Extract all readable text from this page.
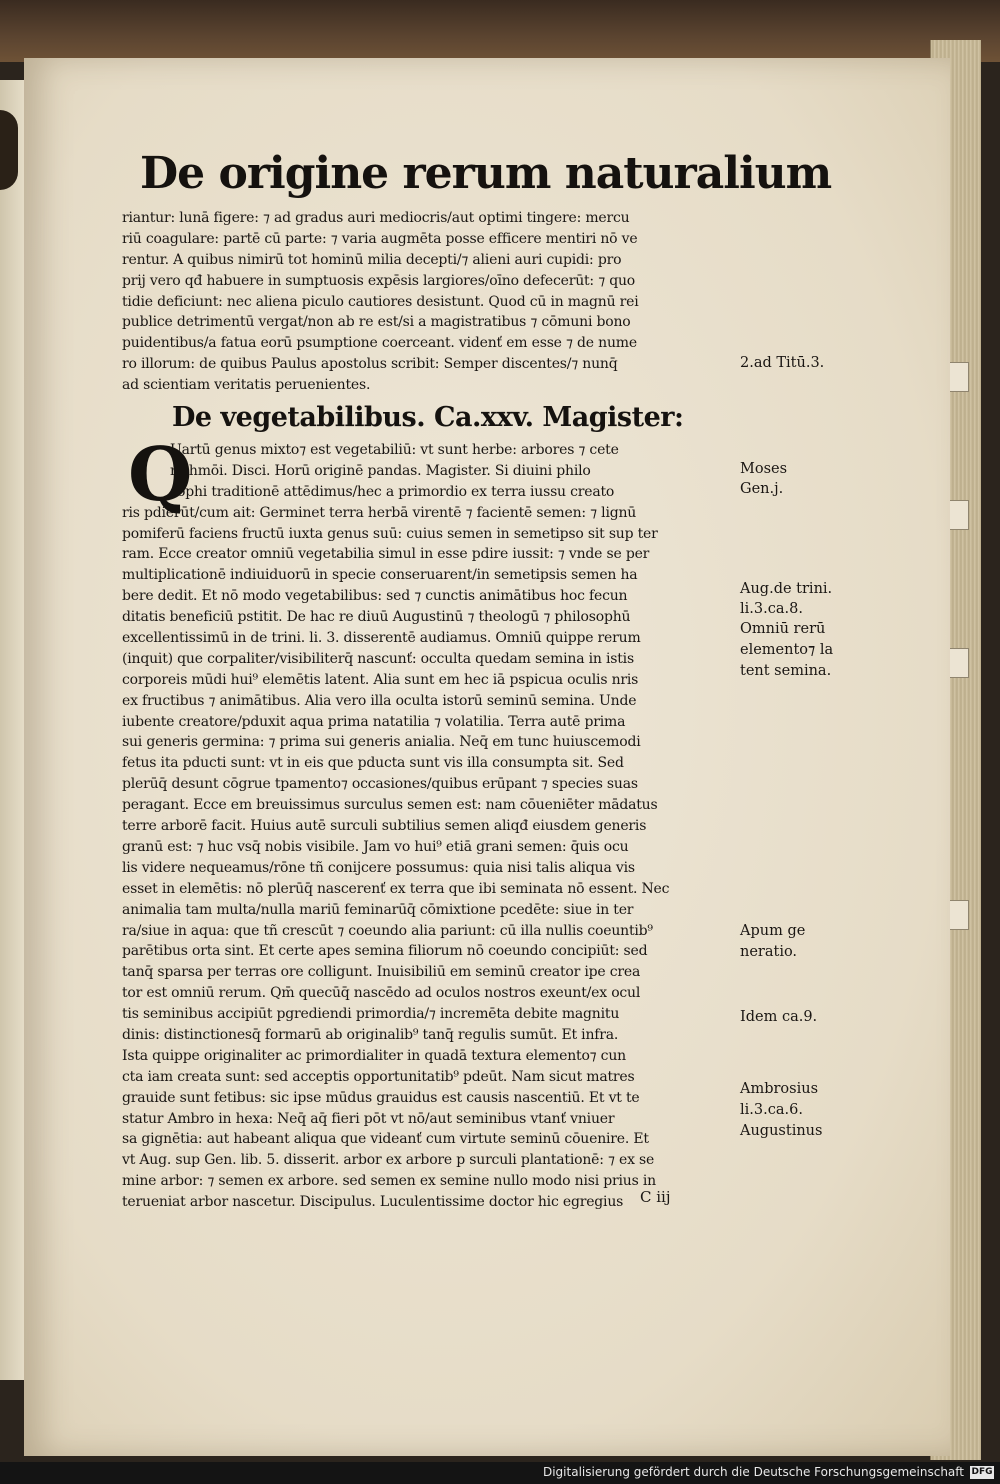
De origine rerum naturalium
riantur: lunā figere: ⁊ ad gradus auri mediocris/aut optimi tingere: mercu
riū coagulare: partē cū parte: ⁊ varia augmēta posse efficere mentiri nō ve
rentur. A quibus nimirū tot hominū milia decepti/⁊ alieni auri cupidi: pro
prij vero qđ habuere in sumptuosis expēsis largiores/oīno defecerūt: ⁊ quo
tidie deficiunt: nec aliena piculo cautiores desistunt. Quod cū in magnū rei
publice detrimentū vergat/non ab re est/si a magistratibus ⁊ cōmuni bono
puidentibus/a fatua eorū psumptione coerceant. videnť em esse ⁊ de nume
ro illorum: de quibus Paulus apostolus scribit: Semper discentes/⁊ nunq̄
ad scientiam veritatis peruenientes.
De vegetabilibus. Ca.xxv. Magister:
Uartū genus mixto⁊ est vegetabiliū: vt sunt herbe: arbores ⁊ cete
ra hmōi. Disci. Horū originē pandas. Magister. Si diuini philo
sophi traditionē attēdimus/hec a primordio ex terra iussu creato
ris pdierūt/cum ait: Germinet terra herbā virentē ⁊ facientē semen: ⁊ lignū
pomiferū faciens fructū iuxta genus suū: cuius semen in semetipso sit sup ter
ram. Ecce creator omniū vegetabilia simul in esse pdire iussit: ⁊ vnde se per
multiplicationē indiuiduorū in specie conseruarent/in semetipsis semen ha
bere dedit. Et nō modo vegetabilibus: sed ⁊ cunctis animātibus hoc fecun
ditatis beneficiū pstitit. De hac re diuū Augustinū ⁊ theologū ⁊ philosophū
excellentissimū in de trini. li. 3. disserentē audiamus. Omniū quippe rerum
(inquit) que corpaliter/visibiliterq̄ nascunť: occulta quedam semina in istis
corporeis mūdi hui⁹ elemētis latent. Alia sunt em hec iā pspicua oculis nris
ex fructibus ⁊ animātibus. Alia vero illa oculta istorū seminū semina. Unde
iubente creatore/pduxit aqua prima natatilia ⁊ volatilia. Terra autē prima
sui generis germina: ⁊ prima sui generis anialia. Neq̄ em tunc huiuscemodi
fetus ita pducti sunt: vt in eis que pducta sunt vis illa consumpta sit. Sed
plerūq̄ desunt cōgrue tpamento⁊ occasiones/quibus erūpant ⁊ species suas
peragant. Ecce em breuissimus surculus semen est: nam cōueniēter mādatus
terre arborē facit. Huius autē surculi subtilius semen aliqđ eiusdem generis
granū est: ⁊ huc vsq̄ nobis visibile. Jam vo hui⁹ etiā grani semen: q̄uis ocu
lis videre nequeamus/rōne tñ conijcere possumus: quia nisi talis aliqua vis
esset in elemētis: nō plerūq̄ nascerenť ex terra que ibi seminata nō essent. Nec
animalia tam multa/nulla mariū feminarūq̄ cōmixtione pcedēte: siue in ter
ra/siue in aqua: que tñ crescūt ⁊ coeundo alia pariunt: cū illa nullis coeuntib⁹
parētibus orta sint. Et certe apes semina filiorum nō coeundo concipiūt: sed
tanq̄ sparsa per terras ore colligunt. Inuisibiliū em seminū creator ipe crea
tor est omniū rerum. Qm̄ quecūq̄ nascēdo ad oculos nostros exeunt/ex ocul
tis seminibus accipiūt pgrediendi primordia/⁊ incremēta debite magnitu
dinis: distinctionesq̄ formarū ab originalib⁹ tanq̄ regulis sumūt. Et infra.
Ista quippe originaliter ac primordialiter in quadā textura elemento⁊ cun
cta iam creata sunt: sed acceptis opportunitatib⁹ pdeūt. Nam sicut matres
grauide sunt fetibus: sic ipse mūdus grauidus est causis nascentiū. Et vt te
statur Ambro in hexa: Neq̄ aq̄ fieri pōt vt nō/aut seminibus vtanť vniuer
sa gignētia: aut habeant aliqua que videanť cum virtute seminū cōuenire. Et
vt Aug. sup Gen. lib. 5. disserit. arbor ex arbore p surculi plantationē: ⁊ ex se
mine arbor: ⁊ semen ex arbore. sed semen ex semine nullo modo nisi prius in
terueniat arbor nascetur. Discipulus. Luculentissime doctor hic egregius
Q
2.ad Titū.3.
Moses
Gen.j.
Aug.de trini.
li.3.ca.8.
Omniū rerū
elemento⁊ la
tent semina.
Apum ge
neratio.
Idem ca.9.
Ambrosius
li.3.ca.6.
Augustinus
C iij
Digitalisierung gefördert durch die Deutsche Forschungsgemeinschaft DFG
